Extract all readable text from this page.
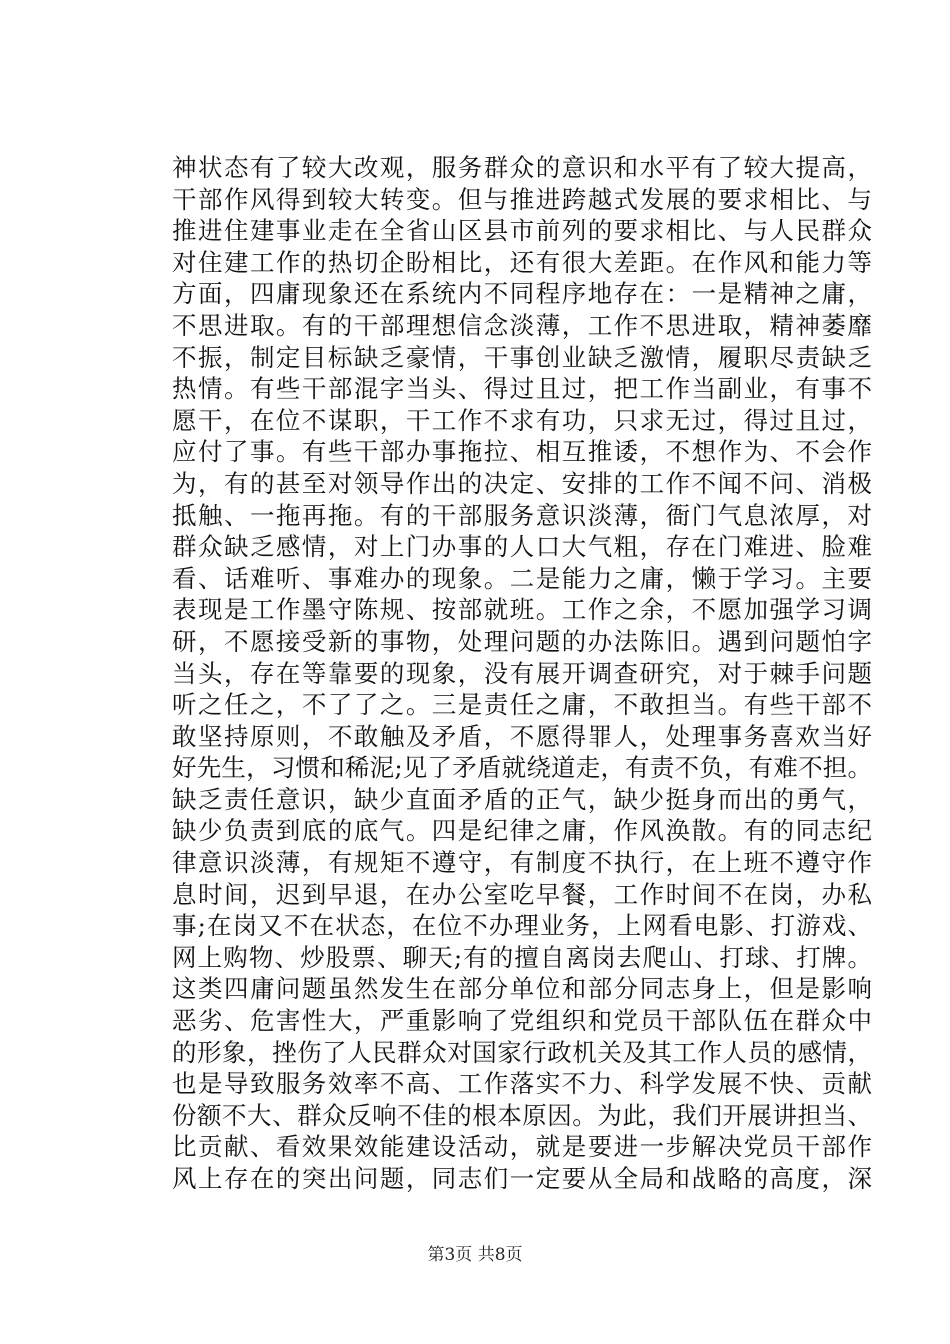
神状态有了较大改观，服务群众的意识和水平有了较大提高，
干部作风得到较大转变。但与推进跨越式发展的要求相比、与
推进住建事业走在全省山区县市前列的要求相比、与人民群众
对住建工作的热切企盼相比，还有很大差距。在作风和能力等
方面，四庸现象还在系统内不同程序地存在：一是精神之庸，
不思进取。有的干部理想信念淡薄，工作不思进取，精神萎靡
不振，制定目标缺乏豪情，干事创业缺乏激情，履职尽责缺乏
热情。有些干部混字当头、得过且过，把工作当副业，有事不
愿干，在位不谋职，干工作不求有功，只求无过，得过且过，
应付了事。有些干部办事拖拉、相互推诿，不想作为、不会作
为，有的甚至对领导作出的决定、安排的工作不闻不问、消极
抵触、一拖再拖。有的干部服务意识淡薄，衙门气息浓厚，对
群众缺乏感情，对上门办事的人口大气粗，存在门难进、脸难
看、话难听、事难办的现象。二是能力之庸，懒于学习。主要
表现是工作墨守陈规、按部就班。工作之余，不愿加强学习调
研，不愿接受新的事物，处理问题的办法陈旧。遇到问题怕字
当头，存在等靠要的现象，没有展开调查研究，对于棘手问题
听之任之，不了了之。三是责任之庸，不敢担当。有些干部不
敢坚持原则，不敢触及矛盾，不愿得罪人，处理事务喜欢当好
好先生，习惯和稀泥;见了矛盾就绕道走，有责不负，有难不担。
缺乏责任意识，缺少直面矛盾的正气，缺少挺身而出的勇气，
缺少负责到底的底气。四是纪律之庸，作风涣散。有的同志纪
律意识淡薄，有规矩不遵守，有制度不执行，在上班不遵守作
息时间，迟到早退，在办公室吃早餐，工作时间不在岗，办私
事;在岗又不在状态，在位不办理业务，上网看电影、打游戏、
网上购物、炒股票、聊天;有的擅自离岗去爬山、打球、打牌。
这类四庸问题虽然发生在部分单位和部分同志身上，但是影响
恶劣、危害性大，严重影响了党组织和党员干部队伍在群众中
的形象，挫伤了人民群众对国家行政机关及其工作人员的感情，
也是导致服务效率不高、工作落实不力、科学发展不快、贡献
份额不大、群众反响不佳的根本原因。为此，我们开展讲担当、
比贡献、看效果效能建设活动，就是要进一步解决党员干部作
风上存在的突出问题，同志们一定要从全局和战略的高度，深
第3页 共8页
